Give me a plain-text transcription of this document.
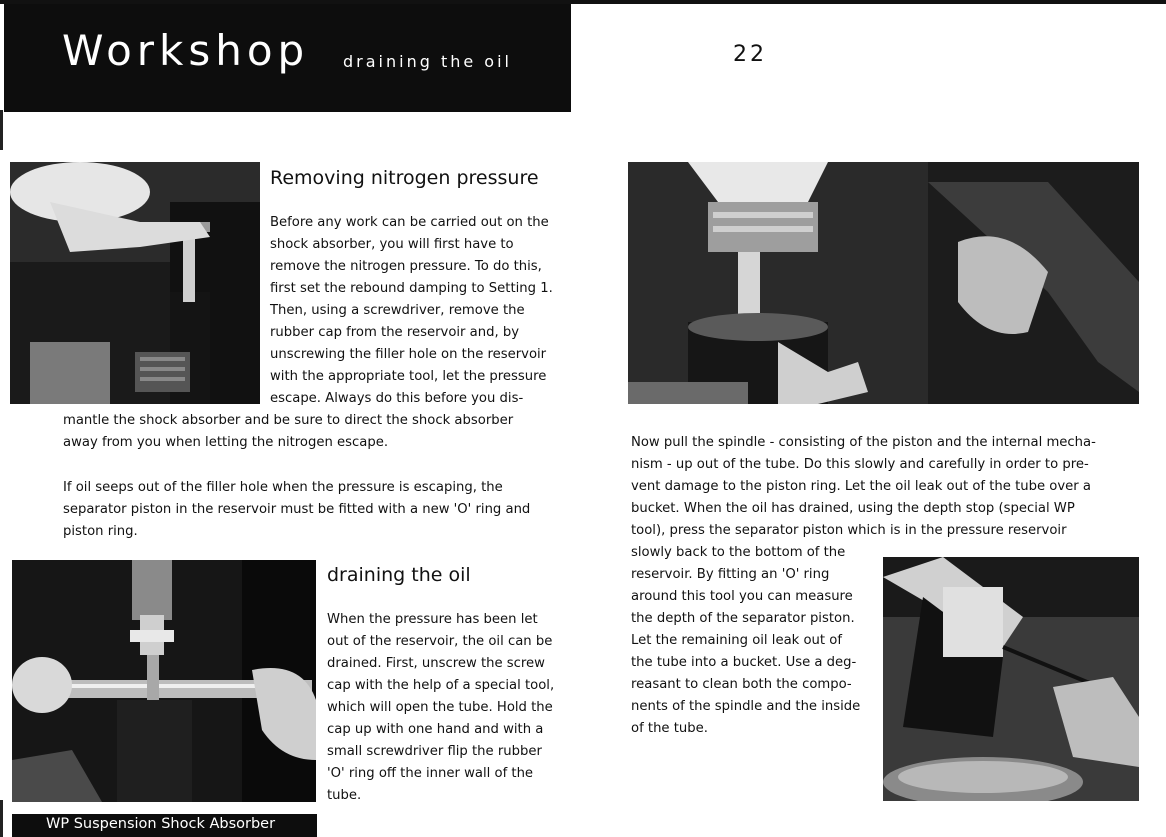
Workshop draining the oil	22
Removing nitrogen pressure
Before any work can be carried out on the
shock absorber, you will first have to
remove the nitrogen pressure. To do this,
first set the rebound damping to Setting 1.
Then, using a screwdriver, remove the
rubber cap from the reservoir and, by
unscrewing the filler hole on the reservoir
with the appropriate tool, let the pressure
escape. Always do this before you dis-
mantle the shock absorber and be sure to direct the shock absorber
away from you when letting the nitrogen escape.
If oil seeps out of the filler hole when the pressure is escaping, the
separator piston in the reservoir must be fitted with a new 'O' ring and
piston ring.
draining the oil
When the pressure has been let
out of the reservoir, the oil can be
drained. First, unscrew the screw
cap with the help of a special tool,
which will open the tube. Hold the
cap up with one hand and with a
small screwdriver flip the rubber
'O' ring off the inner wall of the
tube.
Now pull the spindle - consisting of the piston and the internal mecha-
nism - up out of the tube. Do this slowly and carefully in order to pre-
vent damage to the piston ring. Let the oil leak out of the tube over a
bucket. When the oil has drained, using the depth stop (special WP
tool), press the separator piston which is in the pressure reservoir
slowly back to the bottom of the
reservoir. By fitting an 'O' ring
around this tool you can measure
the depth of the separator piston.
Let the remaining oil leak out of
the tube into a bucket. Use a deg-
reasant to clean both the compo-
nents of the spindle and the inside
of the tube.
WP Suspension Shock Absorber
